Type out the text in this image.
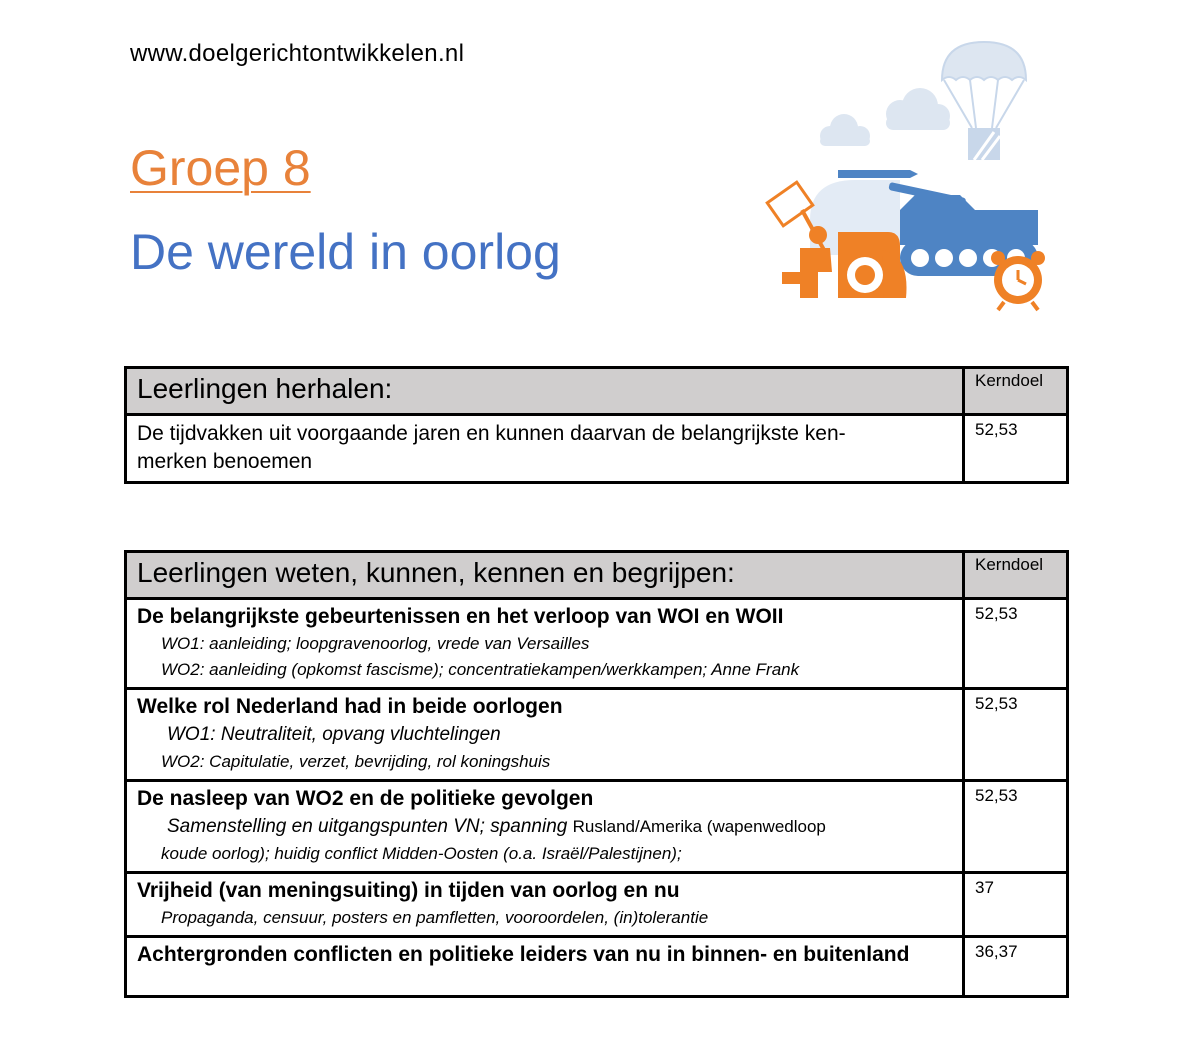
www.doelgerichtontwikkelen.nl
Groep 8
De wereld in oorlog
Leerlingen herhalen:	Kerndoel

De tijdvakken uit voorgaande jaren en kunnen daarvan de belangrijkste ken-
merken benoemen	52,53
Leerlingen weten, kunnen, kennen en begrijpen:	Kerndoel

De belangrijkste gebeurtenissen en het verloop van WOI en WOII
WO1: aanleiding; loopgravenoorlog, vrede van Versailles
WO2: aanleiding (opkomst fascisme); concentratiekampen/werkkampen; Anne Frank	52,53

Welke rol Nederland had in beide oorlogen
WO1: Neutraliteit, opvang vluchtelingen
WO2: Capitulatie, verzet, bevrijding, rol koningshuis	52,53

De nasleep van WO2 en de politieke gevolgen
Samenstelling en uitgangspunten VN; spanning Rusland/Amerika (wapenwedloop
koude oorlog); huidig conflict Midden-Oosten (o.a. Israël/Palestijnen);	52,53

Vrijheid (van meningsuiting) in tijden van oorlog en nu
Propaganda, censuur, posters en pamfletten, vooroordelen, (in)tolerantie	37

Achtergronden conflicten en politieke leiders van nu in binnen- en buitenland	36,37
